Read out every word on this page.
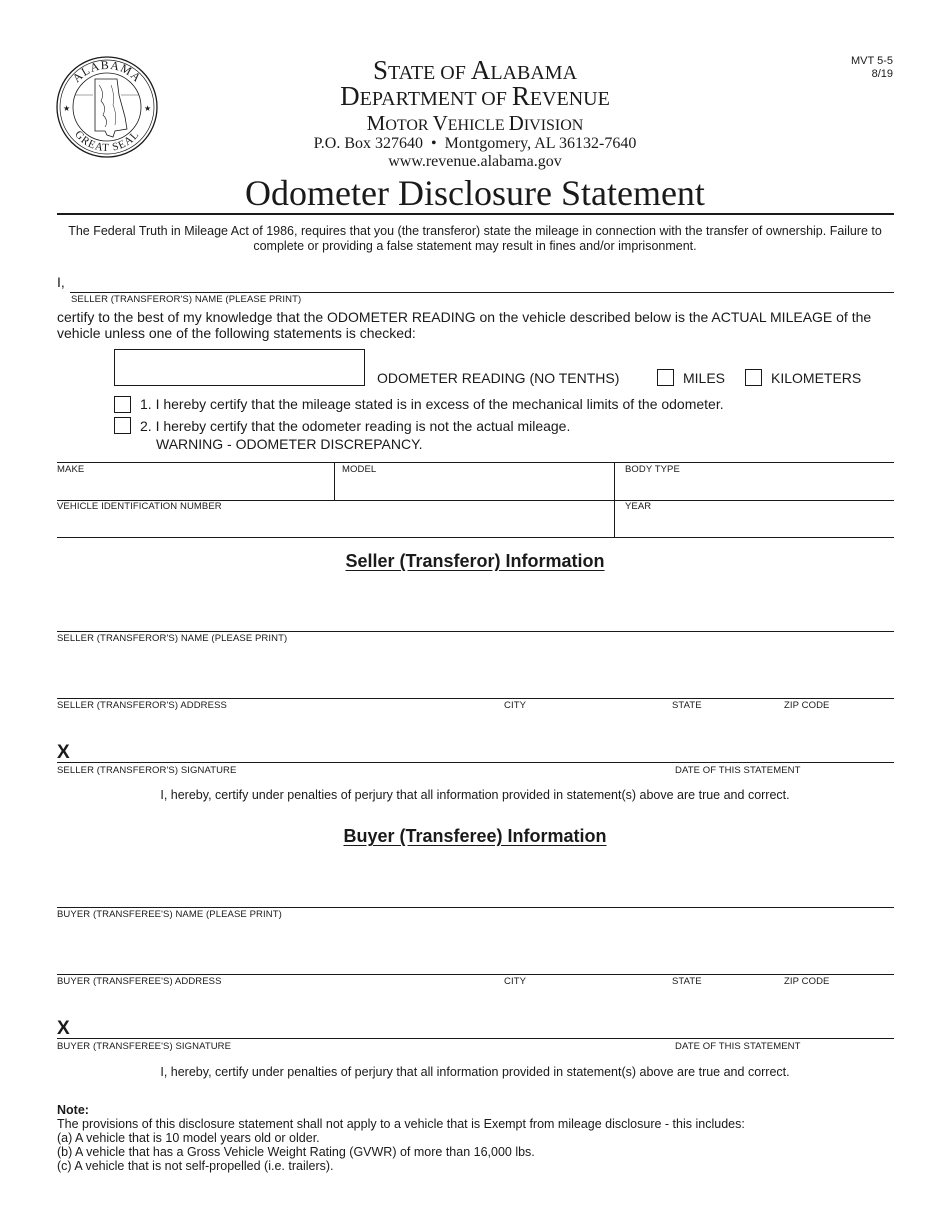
ALABAMA
GREAT SEAL
★	★
MVT 5-5
8/19
STATE OF ALABAMA
DEPARTMENT OF REVENUE
MOTOR VEHICLE DIVISION
P.O. Box 327640  •  Montgomery, AL 36132-7640
www.revenue.alabama.gov
Odometer Disclosure Statement
The Federal Truth in Mileage Act of 1986, requires that you (the transferor) state the mileage in connection with the transfer of ownership. Failure to complete or providing a false statement may result in fines and/or imprisonment.
I,
SELLER (TRANSFEROR'S) NAME (PLEASE PRINT)
certify to the best of my knowledge that the ODOMETER READING on the vehicle described below is the ACTUAL MILEAGE of the vehicle unless one of the following statements is checked:
ODOMETER READING (NO TENTHS)	MILES	KILOMETERS
1. I hereby certify that the mileage stated is in excess of the mechanical limits of the odometer.
2. I hereby certify that the odometer reading is not the actual mileage.
WARNING - ODOMETER DISCREPANCY.
MAKE	MODEL	BODY TYPE
VEHICLE IDENTIFICATION NUMBER	YEAR
Seller (Transferor) Information
SELLER (TRANSFEROR'S) NAME (PLEASE PRINT)
SELLER (TRANSFEROR'S) ADDRESS	CITY	STATE	ZIP CODE
X
SELLER (TRANSFEROR'S) SIGNATURE	DATE OF THIS STATEMENT
I, hereby, certify under penalties of perjury that all information provided in statement(s) above are true and correct.
Buyer (Transferee) Information
BUYER (TRANSFEREE'S) NAME (PLEASE PRINT)
BUYER (TRANSFEREE'S) ADDRESS	CITY	STATE	ZIP CODE
X
BUYER (TRANSFEREE'S) SIGNATURE	DATE OF THIS STATEMENT
I, hereby, certify under penalties of perjury that all information provided in statement(s) above are true and correct.
Note:
The provisions of this disclosure statement shall not apply to a vehicle that is Exempt from mileage disclosure - this includes:
(a) A vehicle that is 10 model years old or older.
(b) A vehicle that has a Gross Vehicle Weight Rating (GVWR) of more than 16,000 lbs.
(c) A vehicle that is not self-propelled (i.e. trailers).
